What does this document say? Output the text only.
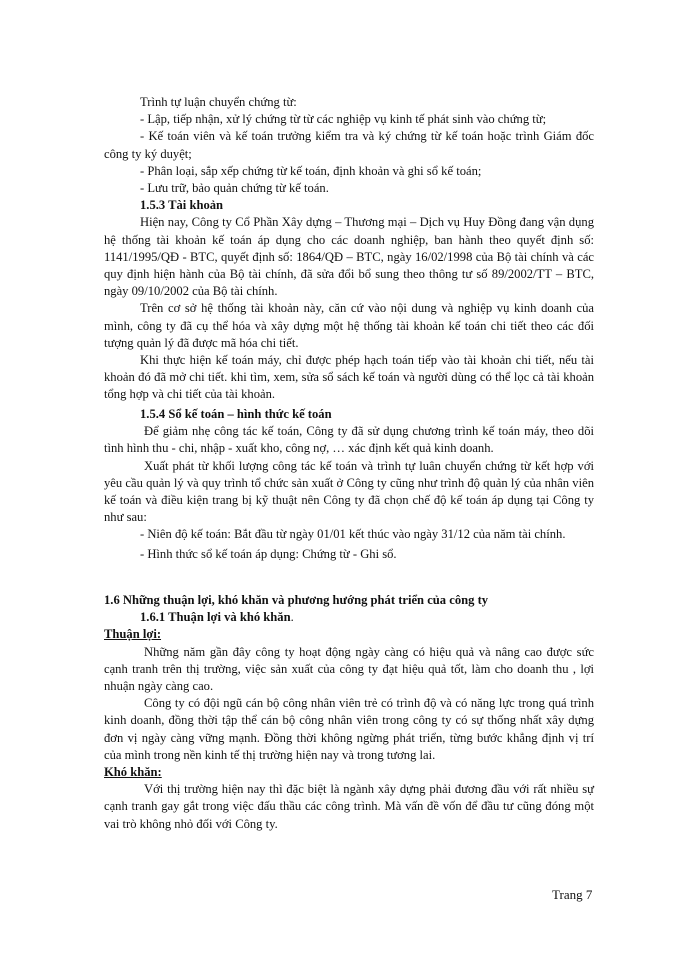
Trình tự luận chuyển chứng từ:

- Lập, tiếp nhận, xử lý chứng từ từ các nghiệp vụ kinh tế phát sinh vào chứng từ;

- Kế toán viên và kế toán trưởng kiểm tra và ký chứng từ kế toán hoặc trình Giám đốc công ty ký duyệt;

- Phân loại, sắp xếp chứng từ kế toán, định khoản và ghi sổ kế toán;

- Lưu trữ, bảo quản chứng từ kế toán.

1.5.3 Tài khoản

Hiện nay, Công ty Cổ Phần Xây dựng – Thương mại – Dịch vụ Huy Đồng đang vận dụng hệ thống tài khoản kế toán áp dụng cho các doanh nghiệp, ban hành theo quyết định số: 1141/1995/QĐ - BTC, quyết định số: 1864/QĐ – BTC, ngày 16/02/1998 của Bộ tài chính và các quy định hiện hành của Bộ tài chính, đã sửa đổi bổ sung theo thông tư số 89/2002/TT – BTC, ngày 09/10/2002 của Bộ tài chính.

Trên cơ sở hệ thống tài khoản này, căn cứ vào nội dung và nghiệp vụ kinh doanh của mình, công ty đã cụ thể hóa và xây dựng một hệ thống tài khoản kế toán chi tiết theo các đối tượng quản lý đã được mã hóa chi tiết.

Khi thực hiện kế toán máy, chỉ được phép hạch toán tiếp vào tài khoản chi tiết, nếu tài khoản đó đã mở chi tiết. khi tìm, xem, sửa sổ sách kế toán và người dùng có thể lọc cả tài khoản tổng hợp và chi tiết của tài khoản.

1.5.4 Sổ kế toán – hình thức kế toán

Để giảm nhẹ công tác kế toán, Công ty đã sử dụng chương trình kế toán máy, theo dõi tình hình thu - chi, nhập - xuất kho, công nợ, … xác định kết quả kinh doanh.

Xuất phát từ khối lượng công tác kế toán và trình tự luân chuyển chứng từ kết hợp với yêu cầu quản lý và quy trình tổ chức sản xuất ở Công ty cũng như trình độ quản lý của nhân viên kế toán và điều kiện trang bị kỹ thuật nên Công ty đã chọn chế độ kế toán áp dụng tại Công ty như sau:

- Niên độ kế toán: Bắt đầu từ ngày 01/01 kết thúc vào ngày 31/12 của năm tài chính.

- Hình thức sổ kế toán áp dụng: Chứng từ - Ghi sổ.

1.6 Những thuận lợi, khó khăn và phương hướng phát triển của công ty

1.6.1 Thuận lợi và khó khăn.

Thuận lợi:

Những năm gần đây công ty hoạt động ngày càng có hiệu quả và nâng cao được sức cạnh tranh trên thị trường, việc sản xuất của công ty đạt hiệu quả tốt, làm cho doanh thu , lợi nhuận ngày càng cao.

Công ty có đội ngũ cán bộ công nhân viên trẻ có trình độ và có năng lực trong quá trình kinh doanh, đồng thời tập thể cán bộ công nhân viên trong công ty có sự thống nhất xây dựng đơn vị ngày càng vững mạnh. Đồng thời không ngừng phát triển, từng bước khẳng định vị trí của mình trong nền kinh tế thị trường hiện nay và trong tương lai.

Khó khăn:

Với thị trường hiện nay thì đặc biệt là ngành xây dựng phải đương đầu với rất nhiều sự cạnh tranh gay gắt trong việc đấu thầu các công trình. Mà vấn đề vốn để đầu tư cũng đóng một vai trò không nhỏ đối với Công ty.

Trang 7
